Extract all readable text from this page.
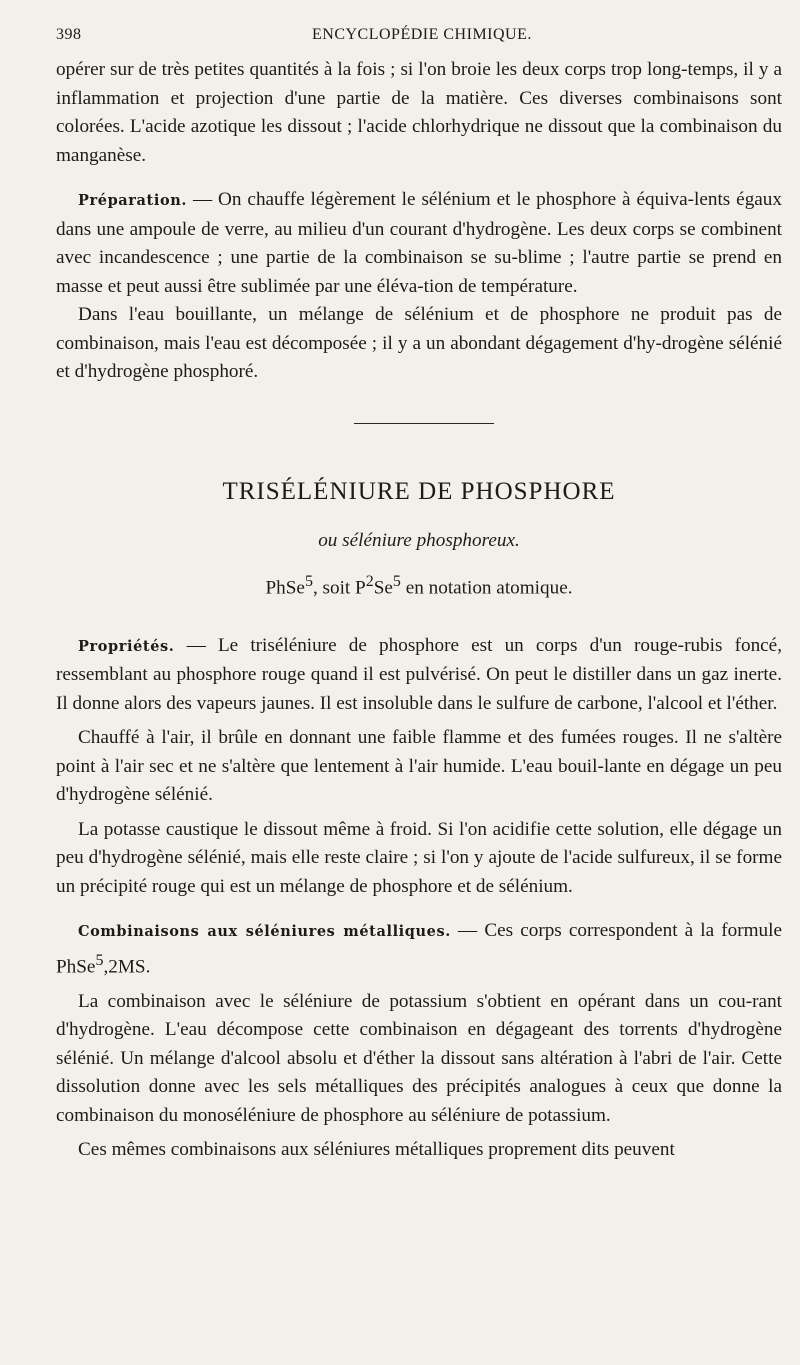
398	ENCYCLOPÉDIE CHIMIQUE.

opérer sur de très petites quantités à la fois ; si l'on broie les deux corps trop long-temps, il y a inflammation et projection d'une partie de la matière. Ces diverses combinaisons sont colorées. L'acide azotique les dissout ; l'acide chlorhydrique ne dissout que la combinaison du manganèse.

Préparation. — On chauffe légèrement le sélénium et le phosphore à équiva-lents égaux dans une ampoule de verre, au milieu d'un courant d'hydrogène. Les deux corps se combinent avec incandescence ; une partie de la combinaison se su-blime ; l'autre partie se prend en masse et peut aussi être sublimée par une éléva-tion de température.

Dans l'eau bouillante, un mélange de sélénium et de phosphore ne produit pas de combinaison, mais l'eau est décomposée ; il y a un abondant dégagement d'hy-drogène sélénié et d'hydrogène phosphoré.

TRISÉLÉNIURE DE PHOSPHORE
ou séléniure phosphoreux.
PhSe$^5$, soit $P^2Se^5$ en notation atomique.

Propriétés. — Le triséléniure de phosphore est un corps d'un rouge-rubis foncé, ressemblant au phosphore rouge quand il est pulvérisé. On peut le distiller dans un gaz inerte. Il donne alors des vapeurs jaunes. Il est insoluble dans le sulfure de carbone, l'alcool et l'éther.

Chauffé à l'air, il brûle en donnant une faible flamme et des fumées rouges. Il ne s'altère point à l'air sec et ne s'altère que lentement à l'air humide. L'eau bouil-lante en dégage un peu d'hydrogène sélénié.

La potasse caustique le dissout même à froid. Si l'on acidifie cette solution, elle dégage un peu d'hydrogène sélénié, mais elle reste claire ; si l'on y ajoute de l'acide sulfureux, il se forme un précipité rouge qui est un mélange de phosphore et de sélénium.

Combinaisons aux séléniures métalliques. — Ces corps correspondent à la formule PhSe$^5$,2MS.

La combinaison avec le séléniure de potassium s'obtient en opérant dans un cou-rant d'hydrogène. L'eau décompose cette combinaison en dégageant des torrents d'hydrogène sélénié. Un mélange d'alcool absolu et d'éther la dissout sans altération à l'abri de l'air. Cette dissolution donne avec les sels métalliques des précipités analogues à ceux que donne la combinaison du monoséléniure de phosphore au séléniure de potassium.

Ces mêmes combinaisons aux séléniures métalliques proprement dits peuvent
